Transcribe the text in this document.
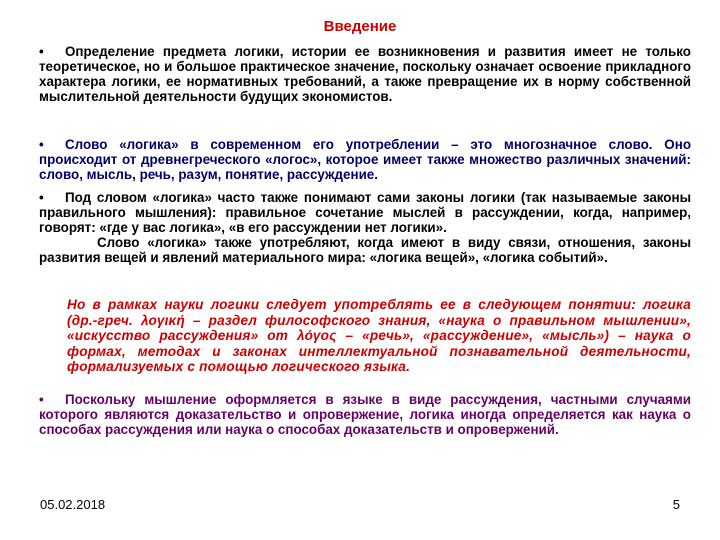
Введение
• Определение предмета логики, истории ее возникновения и развития имеет не только теоретическое, но и большое практическое значение, поскольку означает освоение прикладного характера логики, ее нормативных требований, а также превращение их в норму собственной мыслительной деятельности будущих экономистов.
• Слово «логика» в современном его употреблении – это многозначное слово. Оно происходит от древнегреческого «логос», которое имеет также множество различных значений: слово, мысль, речь, разум, понятие, рассуждение.
• Под словом «логика» часто также понимают сами законы логики (так называемые законы правильного мышления): правильное сочетание мыслей в рассуждении, когда, например, говорят: «где у вас логика», «в его рассуждении нет логики».
Слово «логика» также употребляют, когда имеют в виду связи, отношения, законы развития вещей и явлений материального мира: «логика вещей», «логика событий».
Но в рамках науки логики следует употреблять ее в следующем понятии: логика (др.-греч. λογική – раздел философского знания, «наука о правильном мышлении», «искусство рассуждения» от λόγος – «речь», «рассуждение», «мысль») – наука о формах, методах и законах интеллектуальной познавательной деятельности, формализуемых с помощью логического языка.
• Поскольку мышление оформляется в языке в виде рассуждения, частными случаями которого являются доказательство и опровержение, логика иногда определяется как наука о способах рассуждения или наука о способах доказательств и опровержений.
05.02.2018	5
